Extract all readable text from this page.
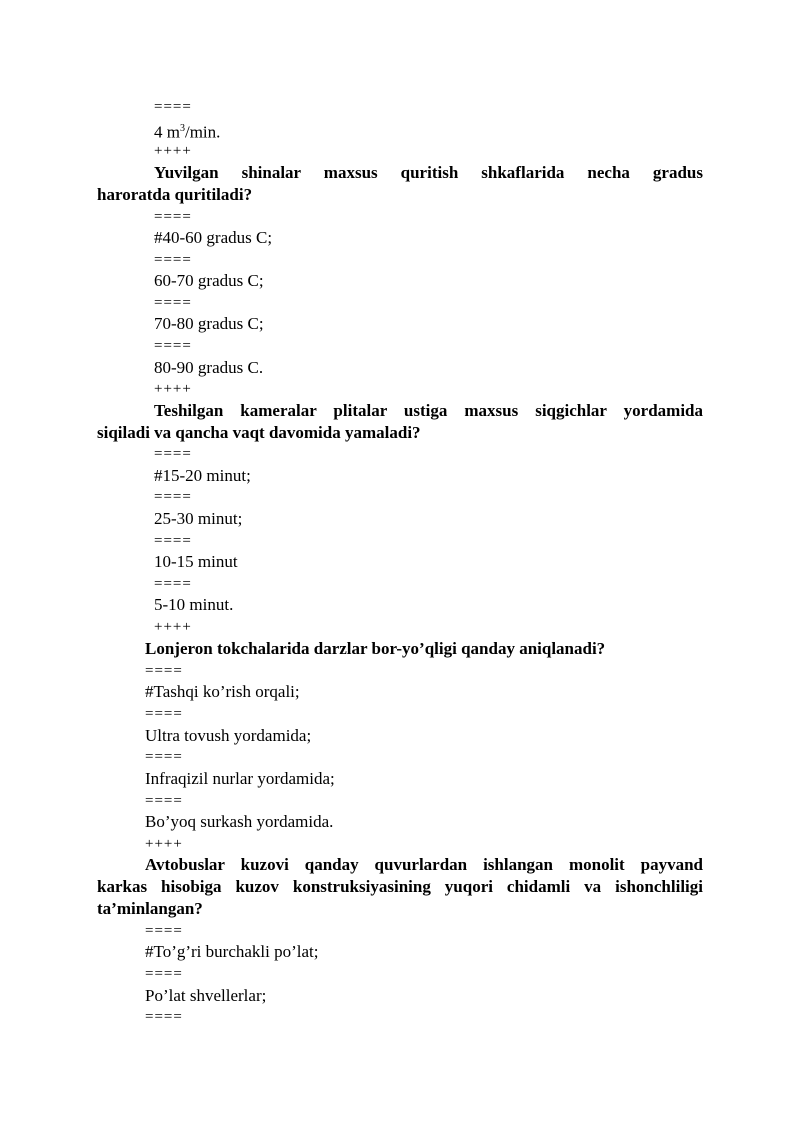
====
4 $m^3/\min$.
++++
Yuvilgan shinalar maxsus quritish shkaflarida necha gradus
haroratda quritiladi?
====
#40-60 gradus C;
====
60-70 gradus C;
====
70-80 gradus C;
====
80-90 gradus C.
++++
Teshilgan kameralar plitalar ustiga maxsus siqgichlar yordamida
siqiladi va qancha vaqt davomida yamaladi?
====
#15-20 minut;
====
25-30 minut;
====
10-15 minut
====
5-10 minut.
++++
Lonjeron tokchalarida darzlar bor-yo’qligi qanday aniqlanadi?
====
#Tashqi ko’rish orqali;
====
Ultra tovush yordamida;
====
Infraqizil nurlar yordamida;
====
Bo’yoq surkash yordamida.
++++
Avtobuslar kuzovi qanday quvurlardan ishlangan monolit payvand
karkas hisobiga kuzov konstruksiyasining yuqori chidamli va ishonchliligi
ta’minlangan?
====
#To’g’ri burchakli po’lat;
====
Po’lat shvellerlar;
====
